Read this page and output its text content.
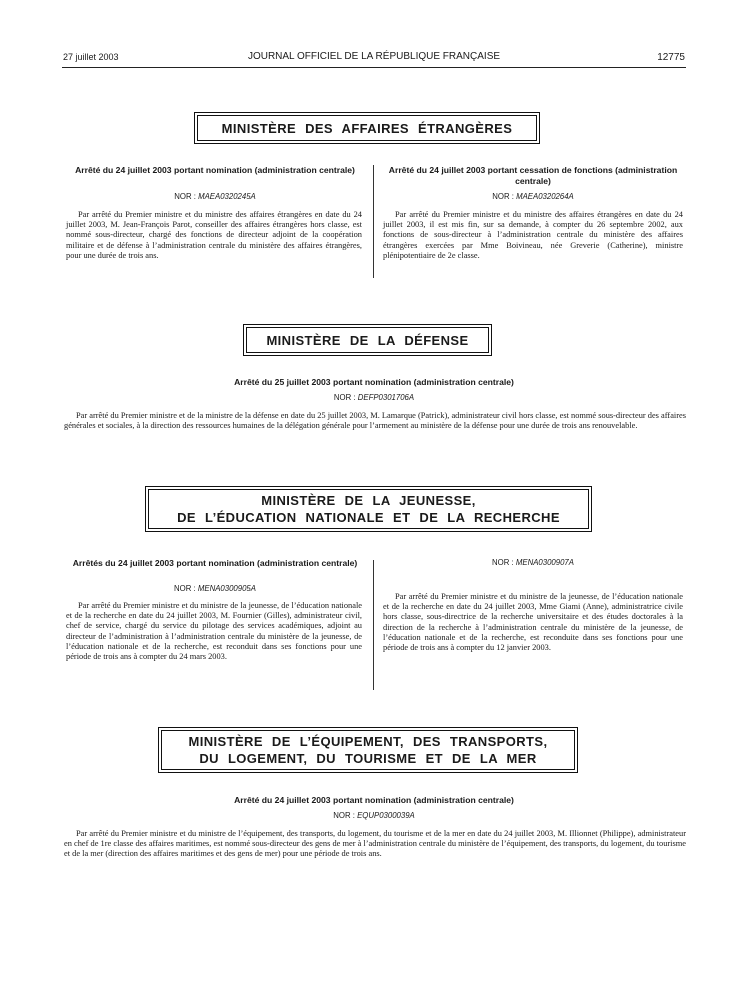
27 juillet 2003	JOURNAL OFFICIEL DE LA RÉPUBLIQUE FRANÇAISE	12775
MINISTÈRE DES AFFAIRES ÉTRANGÈRES
Arrêté du 24 juillet 2003 portant nomination (administration centrale)
NOR : MAEA0320245A
Par arrêté du Premier ministre et du ministre des affaires étrangères en date du 24 juillet 2003, M. Jean-François Parot, conseiller des affaires étrangères hors classe, est nommé sous-directeur, chargé des fonctions de directeur adjoint de la coopération militaire et de défense à l’administration centrale du ministère des affaires étrangères, pour une durée de trois ans.
Arrêté du 24 juillet 2003 portant cessation de fonctions (administration centrale)
NOR : MAEA0320264A
Par arrêté du Premier ministre et du ministre des affaires étrangères en date du 24 juillet 2003, il est mis fin, sur sa demande, à compter du 26 septembre 2002, aux fonctions de sous-directeur à l’administration centrale du ministère des affaires étrangères exercées par Mme Boivineau, née Greverie (Catherine), ministre plénipotentiaire de 2e classe.
MINISTÈRE DE LA DÉFENSE
Arrêté du 25 juillet 2003 portant nomination (administration centrale)
NOR : DEFP0301706A
Par arrêté du Premier ministre et de la ministre de la défense en date du 25 juillet 2003, M. Lamarque (Patrick), administrateur civil hors classe, est nommé sous-directeur des affaires générales et sociales, à la direction des ressources humaines de la délégation générale pour l’armement au ministère de la défense pour une durée de trois ans renouvelable.
MINISTÈRE DE LA JEUNESSE,
DE L’ÉDUCATION NATIONALE ET DE LA RECHERCHE
Arrêtés du 24 juillet 2003 portant nomination (administration centrale)
NOR : MENA0300905A
Par arrêté du Premier ministre et du ministre de la jeunesse, de l’éducation nationale et de la recherche en date du 24 juillet 2003, M. Fournier (Gilles), administrateur civil, chef de service, chargé du service du pilotage des services académiques, adjoint au directeur de l’administration à l’administration centrale du ministère de la jeunesse, de l’éducation nationale et de la recherche, est reconduit dans ses fonctions pour une période de trois ans à compter du 24 mars 2003.
NOR : MENA0300907A
Par arrêté du Premier ministre et du ministre de la jeunesse, de l’éducation nationale et de la recherche en date du 24 juillet 2003, Mme Giami (Anne), administratrice civile hors classe, sous-directrice de la recherche universitaire et des études doctorales à la direction de la recherche à l’administration centrale du ministère de la jeunesse, de l’éducation nationale et de la recherche, est reconduite dans ses fonctions pour une période de trois ans à compter du 12 janvier 2003.
MINISTÈRE DE L’ÉQUIPEMENT, DES TRANSPORTS,
DU LOGEMENT, DU TOURISME ET DE LA MER
Arrêté du 24 juillet 2003 portant nomination (administration centrale)
NOR : EQUP0300039A
Par arrêté du Premier ministre et du ministre de l’équipement, des transports, du logement, du tourisme et de la mer en date du 24 juillet 2003, M. Illionnet (Philippe), administrateur en chef de 1re classe des affaires maritimes, est nommé sous-directeur des gens de mer à l’administration centrale du ministère de l’équipement, des transports, du logement, du tourisme et de la mer (direction des affaires maritimes et des gens de mer) pour une période de trois ans.
